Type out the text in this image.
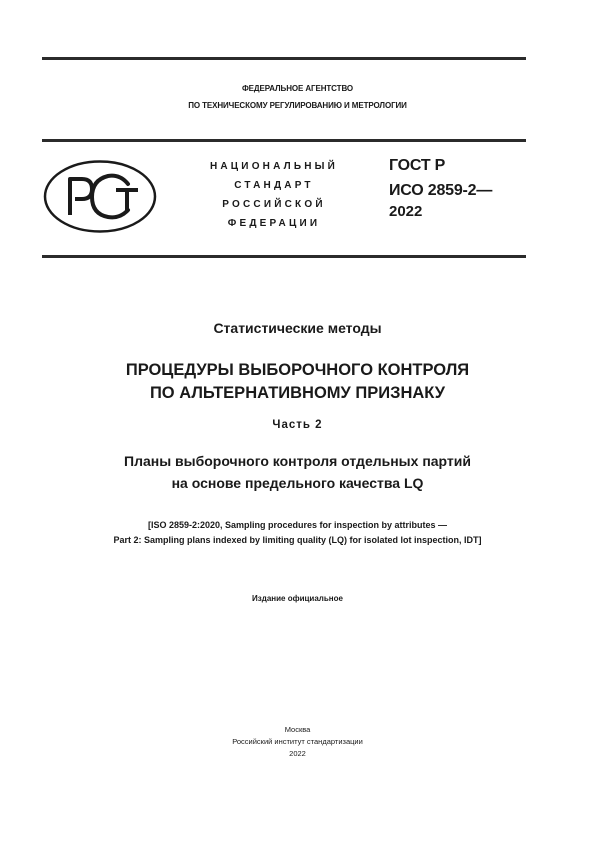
ФЕДЕРАЛЬНОЕ АГЕНТСТВО
ПО ТЕХНИЧЕСКОМУ РЕГУЛИРОВАНИЮ И МЕТРОЛОГИИ
НАЦИОНАЛЬНЫЙ
СТАНДАРТ
РОССИЙСКОЙ
ФЕДЕРАЦИИ
ГОСТ Р
ИСО 2859-2—
2022
Статистические методы
ПРОЦЕДУРЫ ВЫБОРОЧНОГО КОНТРОЛЯ
ПО АЛЬТЕРНАТИВНОМУ ПРИЗНАКУ
Часть 2
Планы выборочного контроля отдельных партий
на основе предельного качества LQ
[ISO 2859-2:2020, Sampling procedures for inspection by attributes —
Part 2: Sampling plans indexed by limiting quality (LQ) for isolated lot inspection, IDT]
Издание официальное
Москва
Российский институт стандартизации
2022
